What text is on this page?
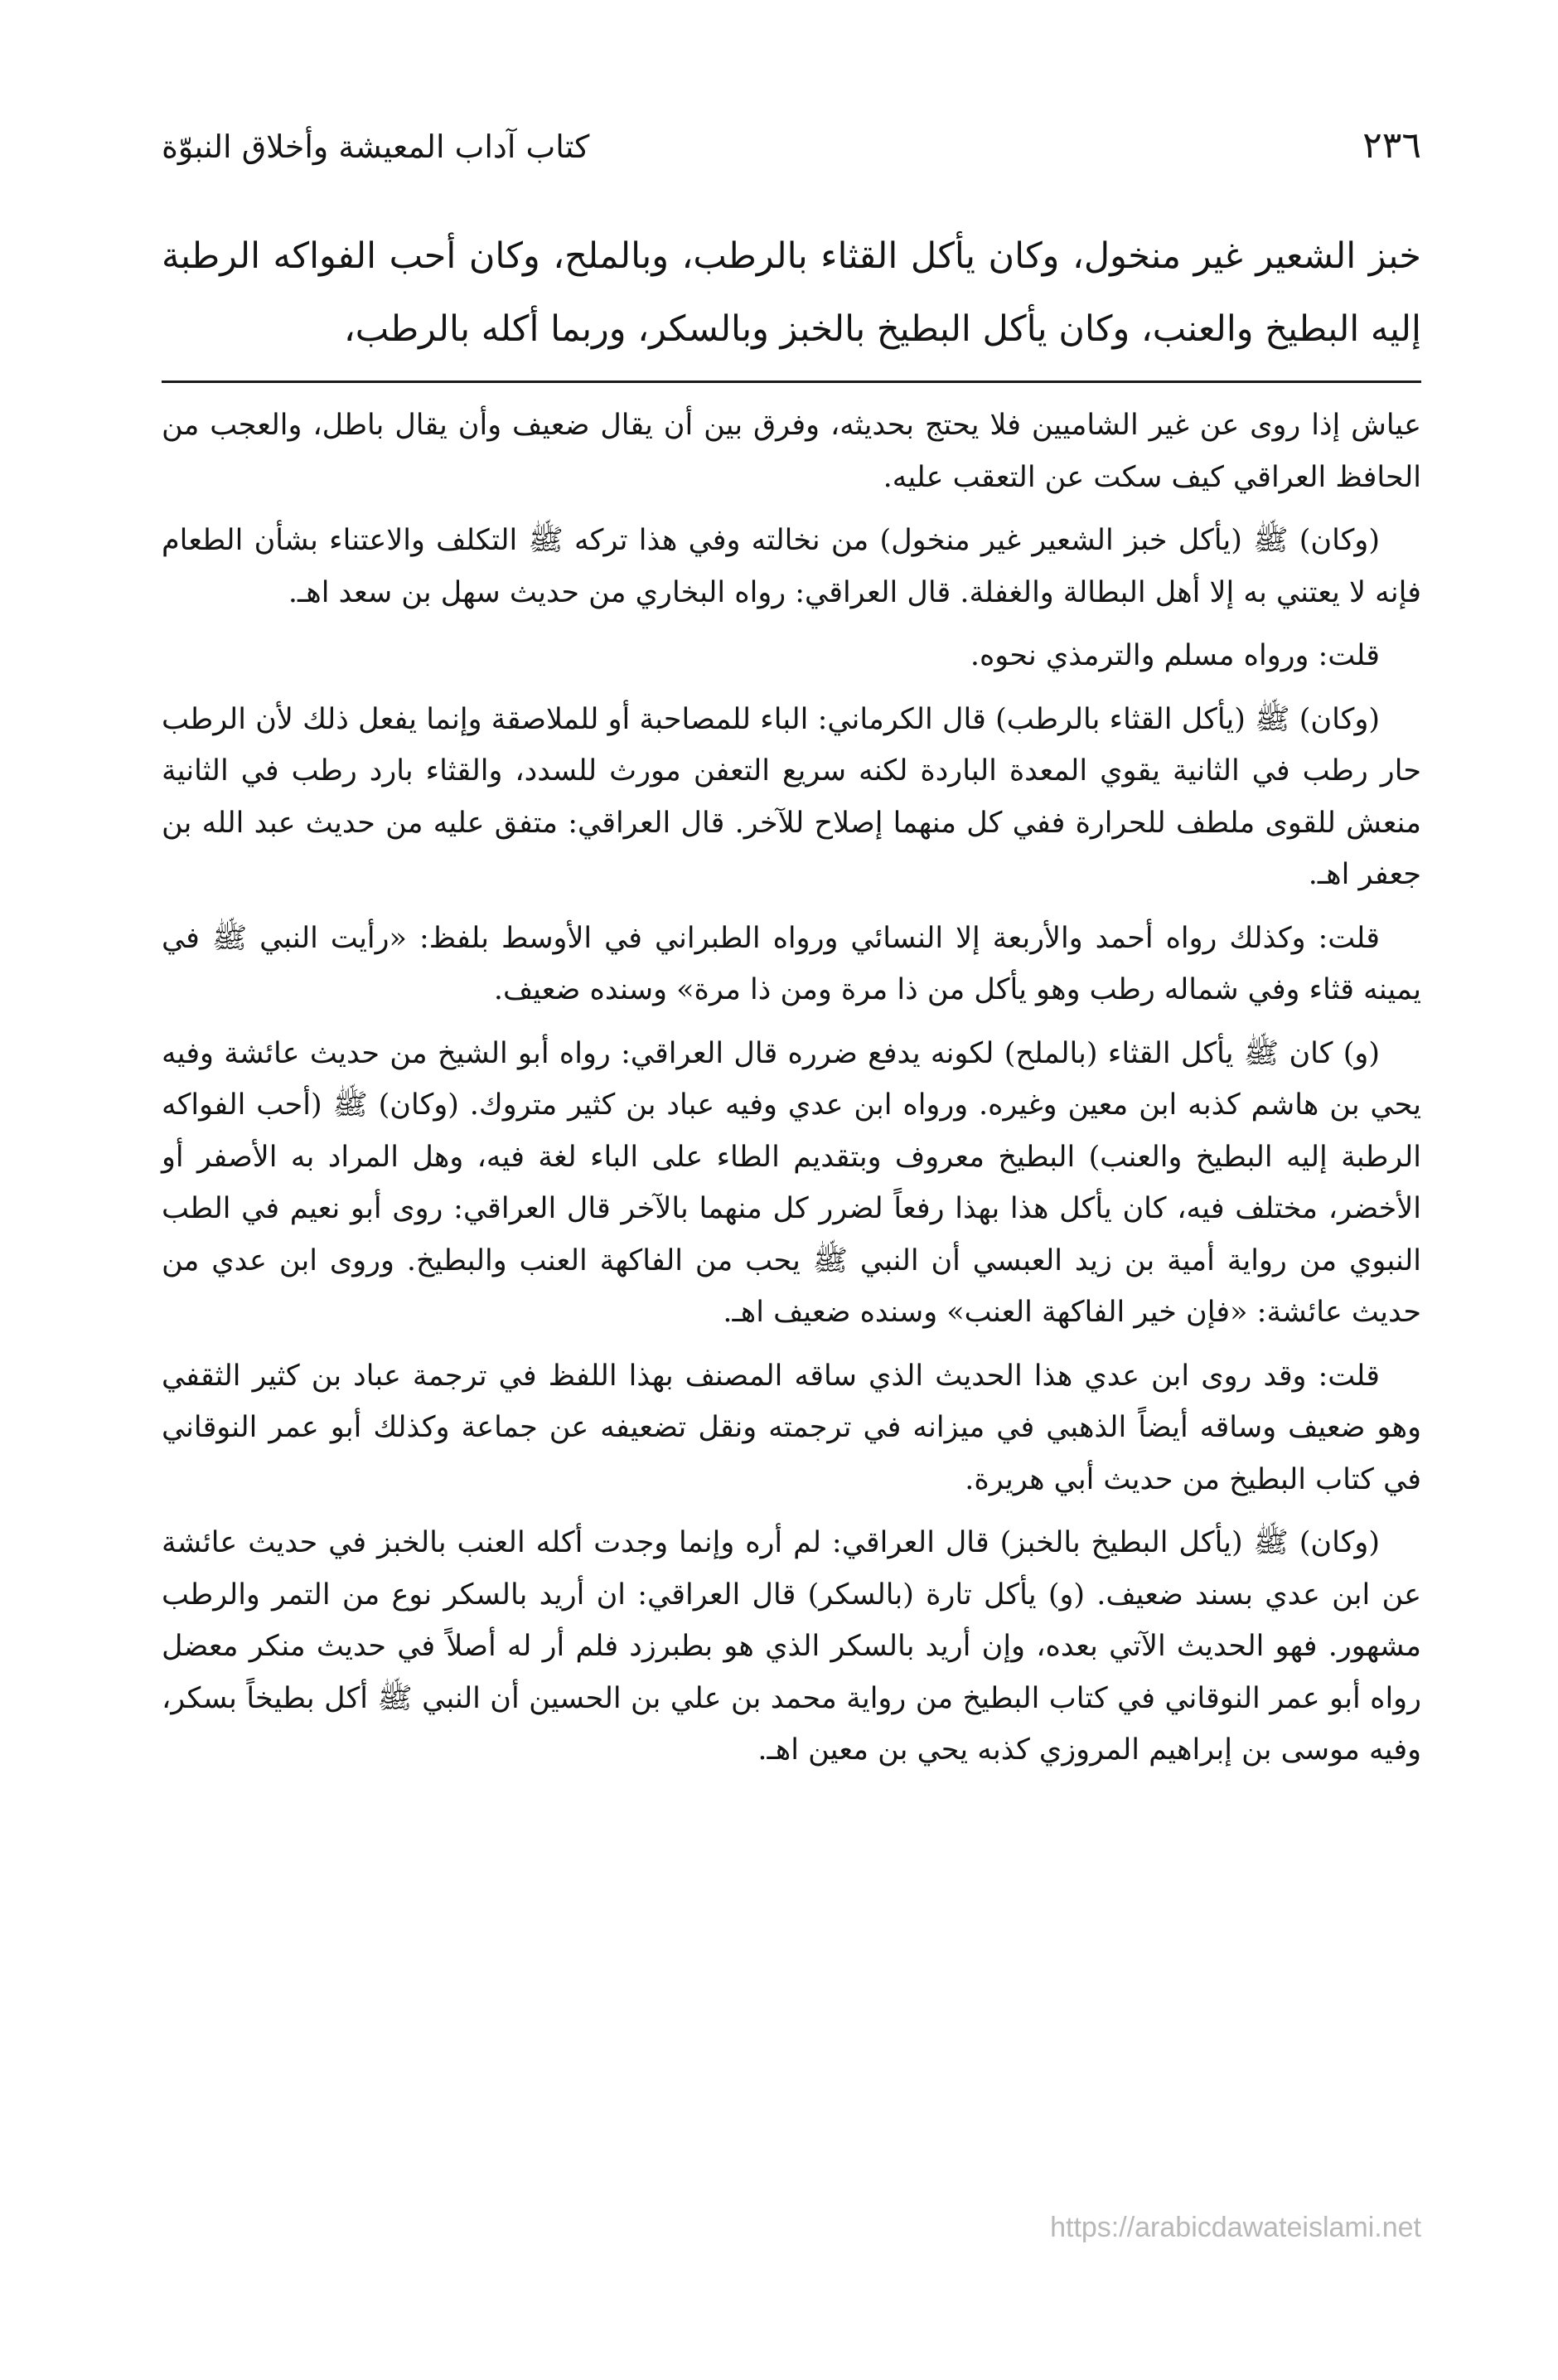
٢٣٦
كتاب آداب المعيشة وأخلاق النبوّة
خبز الشعير غير منخول، وكان يأكل القثاء بالرطب، وبالملح، وكان أحب الفواكه الرطبة إليه البطيخ والعنب، وكان يأكل البطيخ بالخبز وبالسكر، وربما أكله بالرطب،

عياش إذا روى عن غير الشاميين فلا يحتج بحديثه، وفرق بين أن يقال ضعيف وأن يقال باطل، والعجب من الحافظ العراقي كيف سكت عن التعقب عليه.

(وكان) ﷺ (يأكل خبز الشعير غير منخول) من نخالته وفي هذا تركه ﷺ التكلف والاعتناء بشأن الطعام فإنه لا يعتني به إلا أهل البطالة والغفلة. قال العراقي: رواه البخاري من حديث سهل بن سعد اهـ.

قلت: ورواه مسلم والترمذي نحوه.

(وكان) ﷺ (يأكل القثاء بالرطب) قال الكرماني: الباء للمصاحبة أو للملاصقة وإنما يفعل ذلك لأن الرطب حار رطب في الثانية يقوي المعدة الباردة لكنه سريع التعفن مورث للسدد، والقثاء بارد رطب في الثانية منعش للقوى ملطف للحرارة ففي كل منهما إصلاح للآخر. قال العراقي: متفق عليه من حديث عبد الله بن جعفر اهـ.

قلت: وكذلك رواه أحمد والأربعة إلا النسائي ورواه الطبراني في الأوسط بلفظ: «رأيت النبي ﷺ في يمينه قثاء وفي شماله رطب وهو يأكل من ذا مرة ومن ذا مرة» وسنده ضعيف.

(و) كان ﷺ يأكل القثاء (بالملح) لكونه يدفع ضرره قال العراقي: رواه أبو الشيخ من حديث عائشة وفيه يحي بن هاشم كذبه ابن معين وغيره. ورواه ابن عدي وفيه عباد بن كثير متروك. (وكان) ﷺ (أحب الفواكه الرطبة إليه البطيخ والعنب) البطيخ معروف وبتقديم الطاء على الباء لغة فيه، وهل المراد به الأصفر أو الأخضر، مختلف فيه، كان يأكل هذا بهذا رفعاً لضرر كل منهما بالآخر قال العراقي: روى أبو نعيم في الطب النبوي من رواية أمية بن زيد العبسي أن النبي ﷺ يحب من الفاكهة العنب والبطيخ. وروى ابن عدي من حديث عائشة: «فإن خير الفاكهة العنب» وسنده ضعيف اهـ.

قلت: وقد روى ابن عدي هذا الحديث الذي ساقه المصنف بهذا اللفظ في ترجمة عباد بن كثير الثقفي وهو ضعيف وساقه أيضاً الذهبي في ميزانه في ترجمته ونقل تضعيفه عن جماعة وكذلك أبو عمر النوقاني في كتاب البطيخ من حديث أبي هريرة.

(وكان) ﷺ (يأكل البطيخ بالخبز) قال العراقي: لم أره وإنما وجدت أكله العنب بالخبز في حديث عائشة عن ابن عدي بسند ضعيف. (و) يأكل تارة (بالسكر) قال العراقي: ان أريد بالسكر نوع من التمر والرطب مشهور. فهو الحديث الآتي بعده، وإن أريد بالسكر الذي هو بطبرزد فلم أر له أصلاً في حديث منكر معضل رواه أبو عمر النوقاني في كتاب البطيخ من رواية محمد بن علي بن الحسين أن النبي ﷺ أكل بطيخاً بسكر، وفيه موسى بن إبراهيم المروزي كذبه يحي بن معين اهـ.

https://arabicdawateislami.net
